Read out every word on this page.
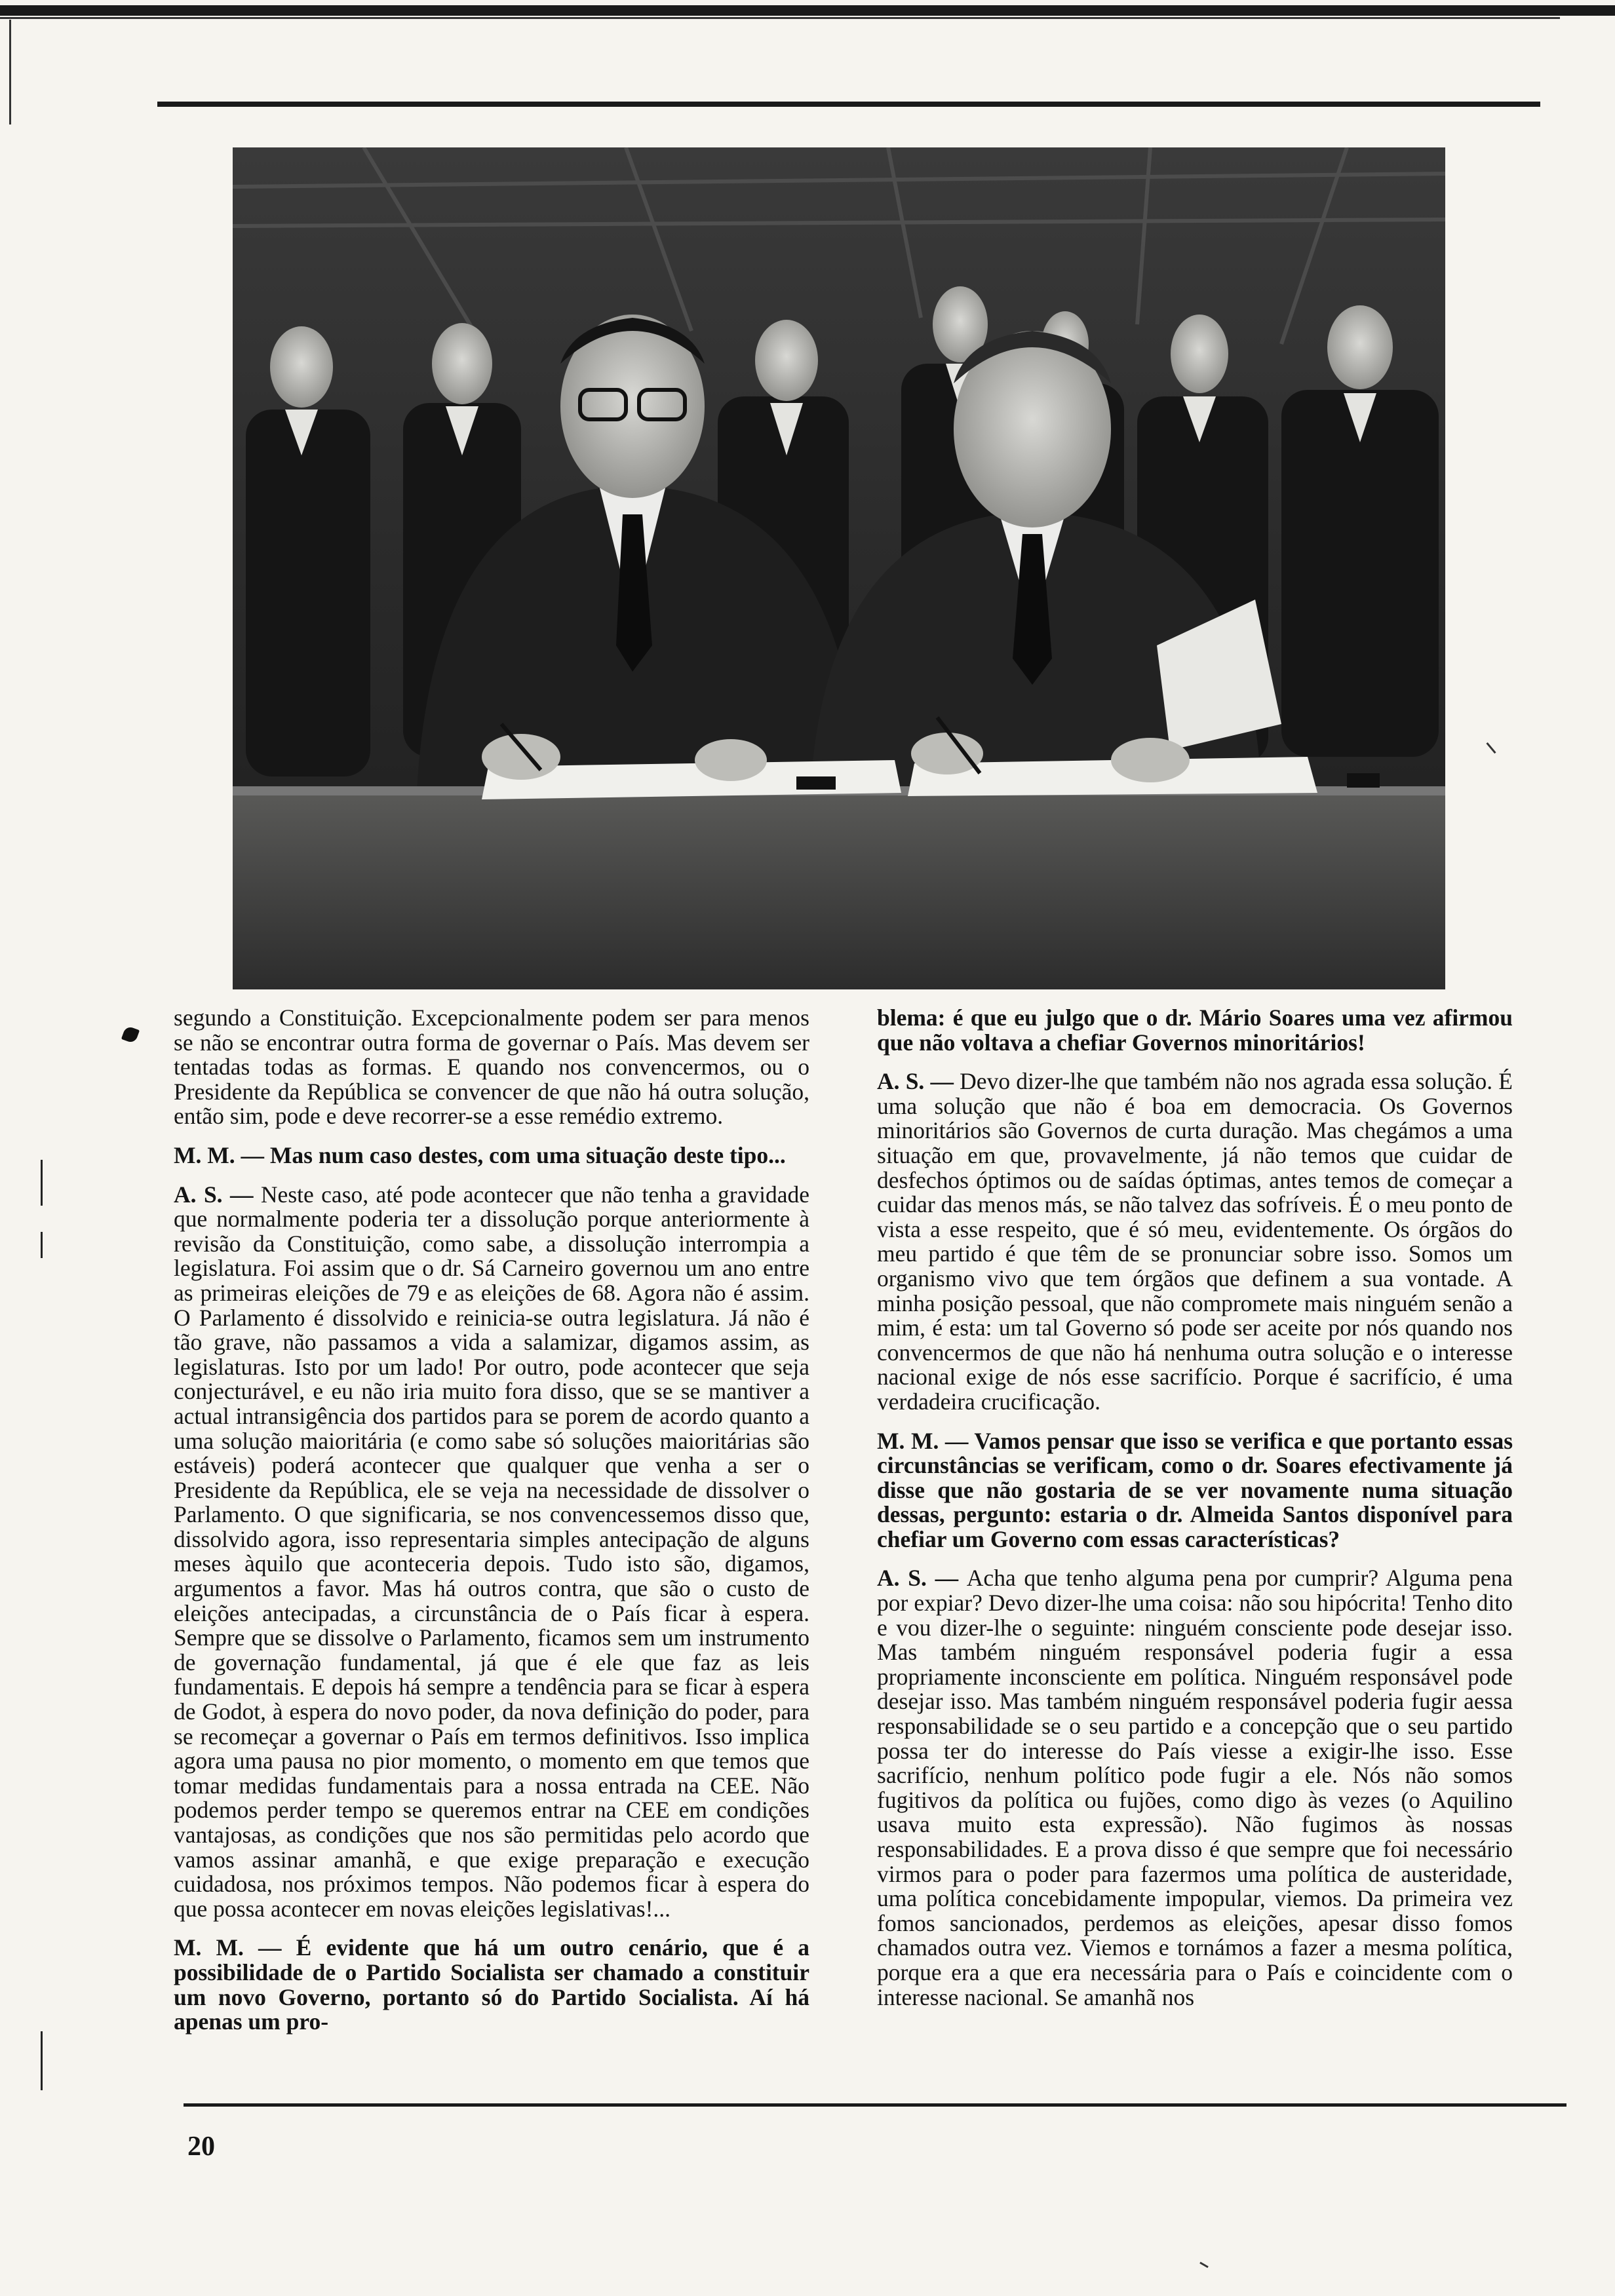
segundo a Constituição. Excepcionalmente podem ser para menos se não se encontrar outra forma de governar o País. Mas devem ser tentadas todas as formas. E quando nos convencermos, ou o Presidente da República se convencer de que não há outra solução, então sim, pode e deve recorrer-se a esse remédio extremo.

M. M. — Mas num caso destes, com uma situação deste tipo...

A. S. — Neste caso, até pode acontecer que não tenha a gravidade que normalmente poderia ter a dissolução porque anteriormente à revisão da Constituição, como sabe, a dissolução interrompia a legislatura. Foi assim que o dr. Sá Carneiro governou um ano entre as primeiras eleições de 79 e as eleições de 68. Agora não é assim. O Parlamento é dissolvido e reinicia-se outra legislatura. Já não é tão grave, não passamos a vida a salamizar, digamos assim, as legislaturas. Isto por um lado! Por outro, pode acontecer que seja conjecturável, e eu não iria muito fora disso, que se se mantiver a actual intransigência dos partidos para se porem de acordo quanto a uma solução maioritária (e como sabe só soluções maioritárias são estáveis) poderá acontecer que qualquer que venha a ser o Presidente da República, ele se veja na necessidade de dissolver o Parlamento. O que significaria, se nos convencessemos disso que, dissolvido agora, isso representaria simples antecipação de alguns meses àquilo que aconteceria depois. Tudo isto são, digamos, argumentos a favor. Mas há outros contra, que são o custo de eleições antecipadas, a circunstância de o País ficar à espera. Sempre que se dissolve o Parlamento, ficamos sem um instrumento de governação fundamental, já que é ele que faz as leis fundamentais. E depois há sempre a tendência para se ficar à espera de Godot, à espera do novo poder, da nova definição do poder, para se recomeçar a governar o País em termos definitivos. Isso implica agora uma pausa no pior momento, o momento em que temos que tomar medidas fundamentais para a nossa entrada na CEE. Não podemos perder tempo se queremos entrar na CEE em condições vantajosas, as condições que nos são permitidas pelo acordo que vamos assinar amanhã, e que exige preparação e execução cuidadosa, nos próximos tempos. Não podemos ficar à espera do que possa acontecer em novas eleições legislativas!...

M. M. — É evidente que há um outro cenário, que é a possibilidade de o Partido Socialista ser chamado a constituir um novo Governo, portanto só do Partido Socialista. Aí há apenas um pro-

blema: é que eu julgo que o dr. Mário Soares uma vez afirmou que não voltava a chefiar Governos minoritários!

A. S. — Devo dizer-lhe que também não nos agrada essa solução. É uma solução que não é boa em democracia. Os Governos minoritários são Governos de curta duração. Mas chegámos a uma situação em que, provavelmente, já não temos que cuidar de desfechos óptimos ou de saídas óptimas, antes temos de começar a cuidar das menos más, se não talvez das sofríveis. É o meu ponto de vista a esse respeito, que é só meu, evidentemente. Os órgãos do meu partido é que têm de se pronunciar sobre isso. Somos um organismo vivo que tem órgãos que definem a sua vontade. A minha posição pessoal, que não compromete mais ninguém senão a mim, é esta: um tal Governo só pode ser aceite por nós quando nos convencermos de que não há nenhuma outra solução e o interesse nacional exige de nós esse sacrifício. Porque é sacrifício, é uma verdadeira crucificação.

M. M. — Vamos pensar que isso se verifica e que portanto essas circunstâncias se verificam, como o dr. Soares efectivamente já disse que não gostaria de se ver novamente numa situação dessas, pergunto: estaria o dr. Almeida Santos disponível para chefiar um Governo com essas características?

A. S. — Acha que tenho alguma pena por cumprir? Alguma pena por expiar? Devo dizer-lhe uma coisa: não sou hipócrita! Tenho dito e vou dizer-lhe o seguinte: ninguém consciente pode desejar isso. Mas também ninguém responsável poderia fugir a essa propriamente inconsciente em política. Ninguém responsável pode desejar isso. Mas também ninguém responsável poderia fugir aessa responsabilidade se o seu partido e a concepção que o seu partido possa ter do interesse do País viesse a exigir-lhe isso. Esse sacrifício, nenhum político pode fugir a ele. Nós não somos fugitivos da política ou fujões, como digo às vezes (o Aquilino usava muito esta expressão). Não fugimos às nossas responsabilidades. E a prova disso é que sempre que foi necessário virmos para o poder para fazermos uma política de austeridade, uma política concebidamente impopular, viemos. Da primeira vez fomos sancionados, perdemos as eleições, apesar disso fomos chamados outra vez. Viemos e tornámos a fazer a mesma política, porque era a que era necessária para o País e coincidente com o interesse nacional. Se amanhã nos

20
